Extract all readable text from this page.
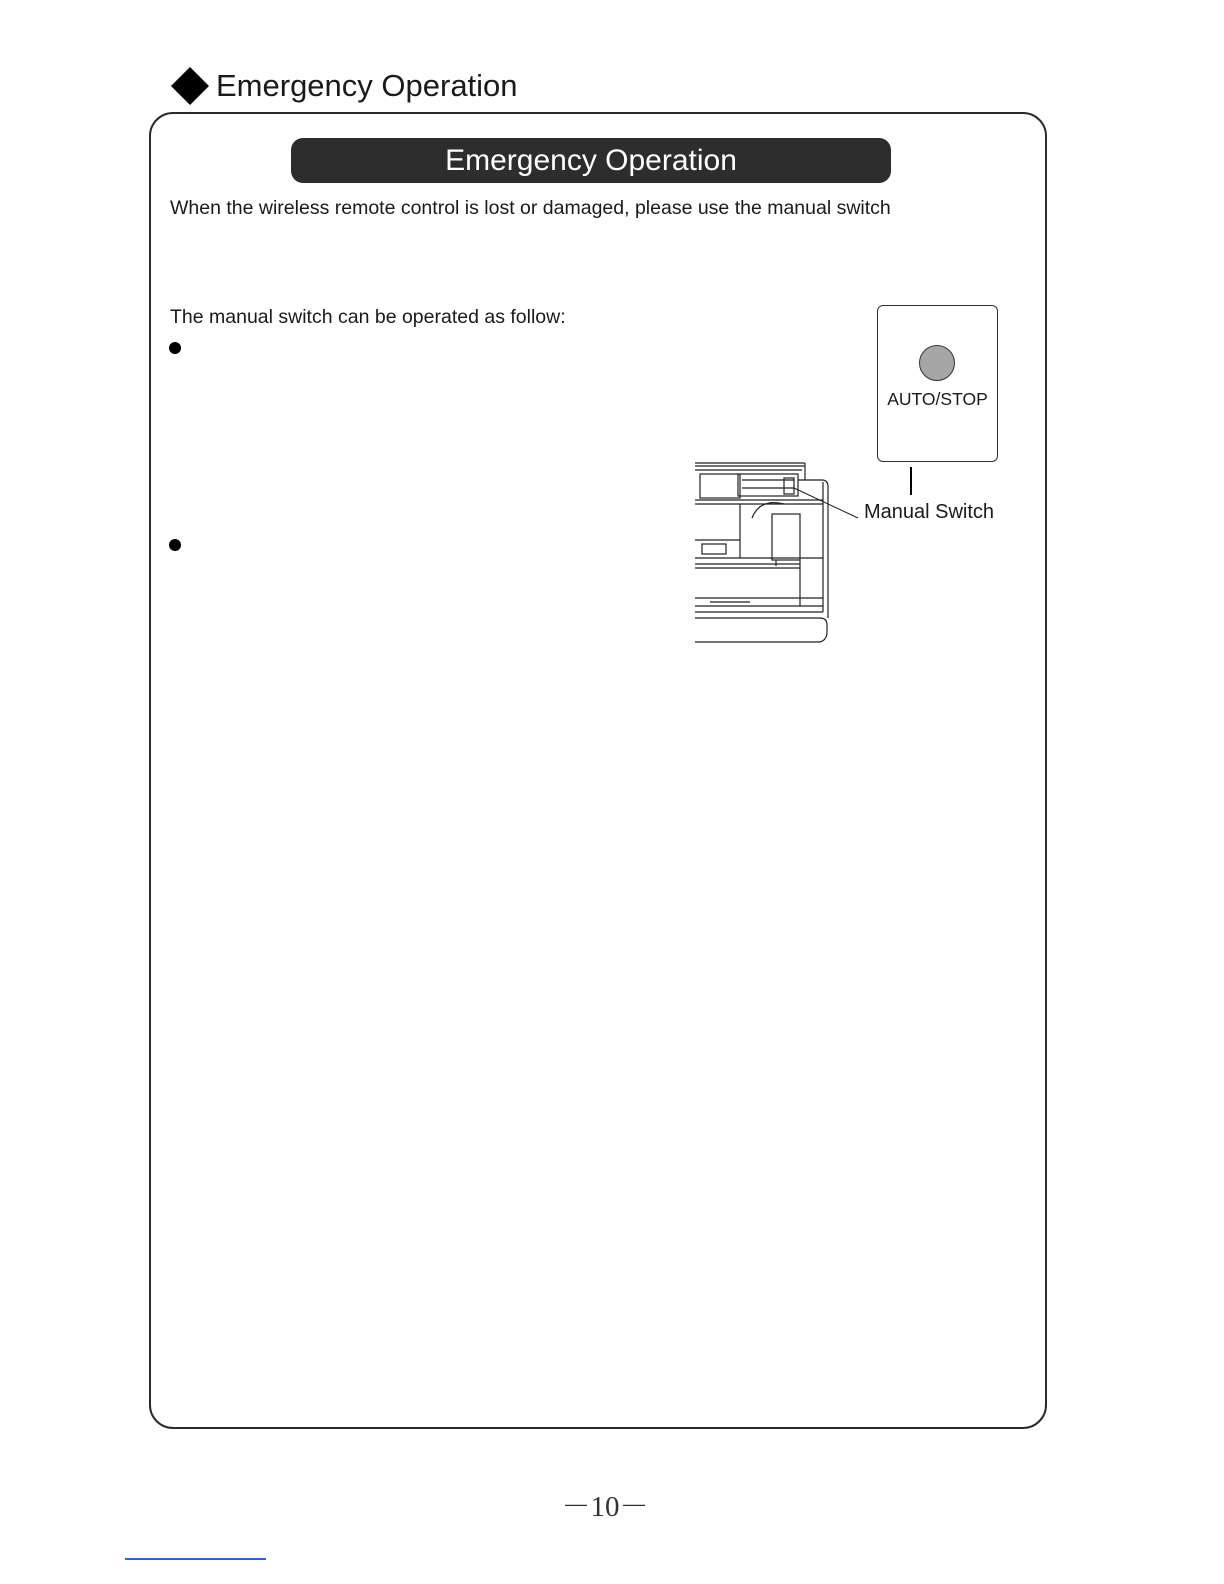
Emergency Operation
Emergency Operation
When the wireless remote control is lost or damaged, please use the manual switch
The manual switch can be operated as follow:
AUTO/STOP
Manual Switch
－10－
